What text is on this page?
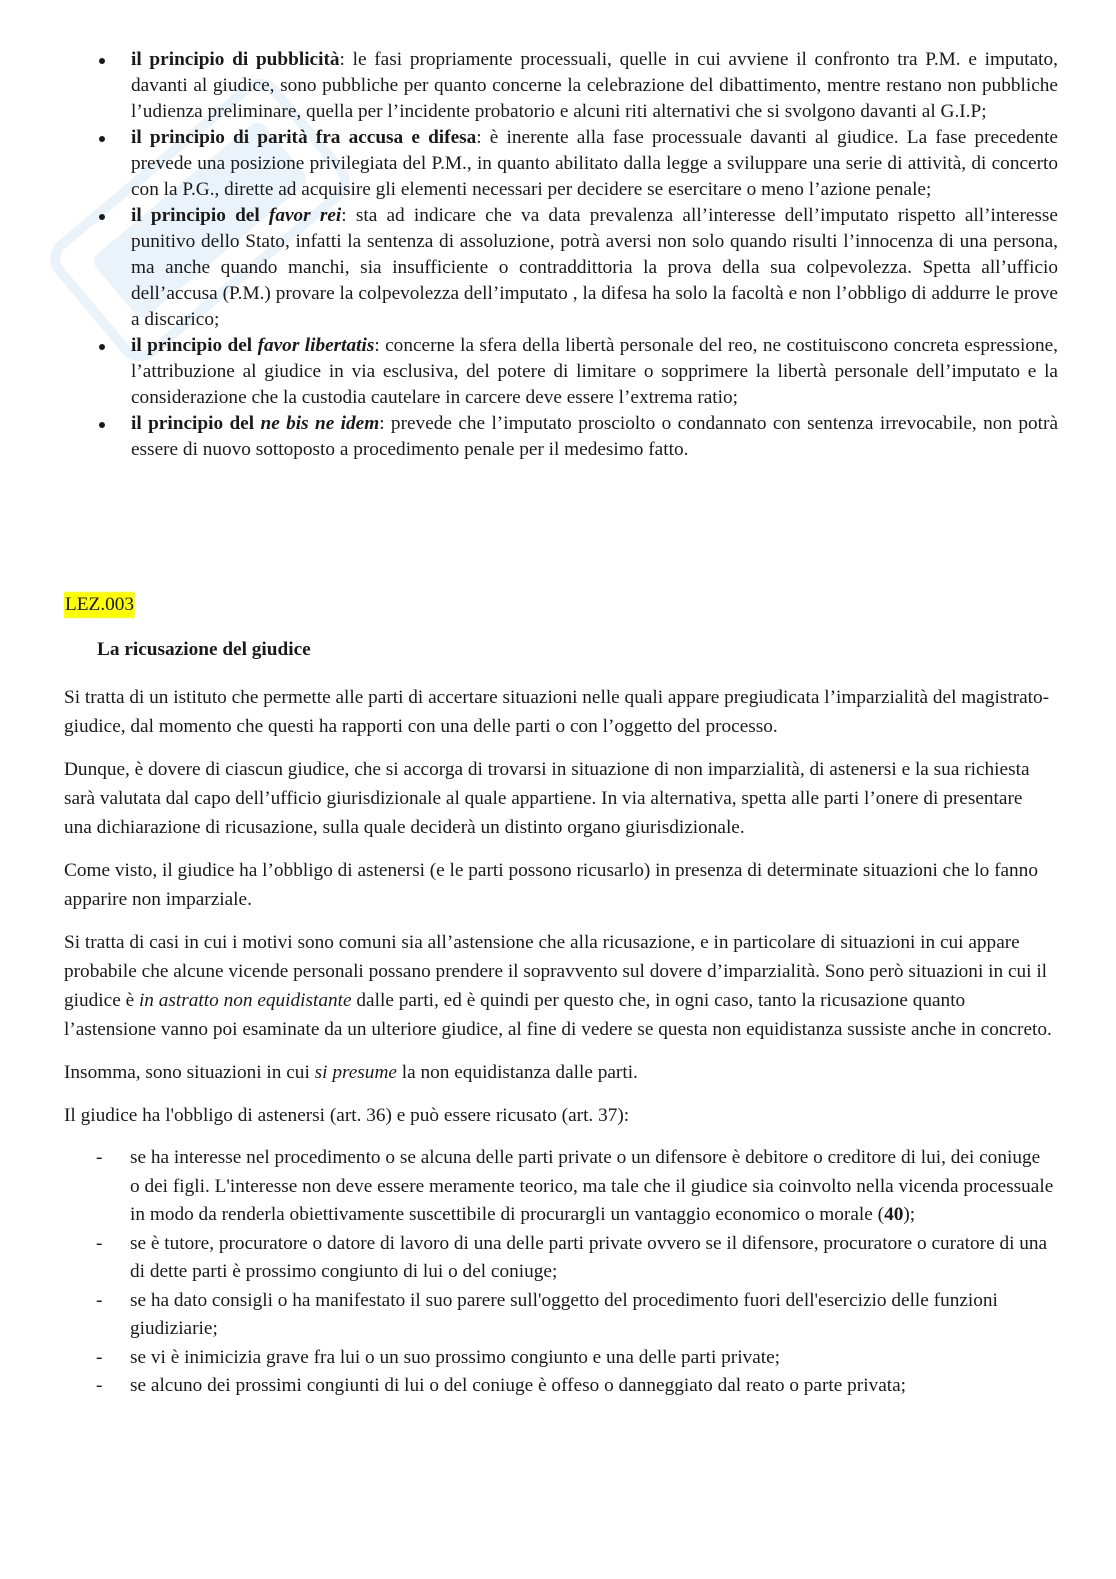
il principio di pubblicità: le fasi propriamente processuali, quelle in cui avviene il confronto tra P.M. e imputato, davanti al giudice, sono pubbliche per quanto concerne la celebrazione del dibattimento, mentre restano non pubbliche l’udienza preliminare, quella per l’incidente probatorio e alcuni riti alternativi che si svolgono davanti al G.I.P;
il principio di parità fra accusa e difesa: è inerente alla fase processuale davanti al giudice. La fase precedente prevede una posizione privilegiata del P.M., in quanto abilitato dalla legge a sviluppare una serie di attività, di concerto con la P.G., dirette ad acquisire gli elementi necessari per decidere se esercitare o meno l’azione penale;
il principio del favor rei: sta ad indicare che va data prevalenza all’interesse dell’imputato rispetto all’interesse punitivo dello Stato, infatti la sentenza di assoluzione, potrà aversi non solo quando risulti l’innocenza di una persona, ma anche quando manchi, sia insufficiente o contraddittoria la prova della sua colpevolezza. Spetta all’ufficio dell’accusa (P.M.) provare la colpevolezza dell’imputato , la difesa ha solo la facoltà e non l’obbligo di addurre le prove a discarico;
il principio del favor libertatis: concerne la sfera della libertà personale del reo, ne costituiscono concreta espressione, l’attribuzione al giudice in via esclusiva, del potere di limitare o sopprimere la libertà personale dell’imputato e la considerazione che la custodia cautelare in carcere deve essere l’extrema ratio;
il principio del ne bis ne idem: prevede che l’imputato prosciolto o condannato con sentenza irrevocabile, non potrà essere di nuovo sottoposto a procedimento penale per il medesimo fatto.
LEZ.003
La ricusazione del giudice

Si tratta di un istituto che permette alle parti di accertare situazioni nelle quali appare pregiudicata l’imparzialità del magistrato-giudice, dal momento che questi ha rapporti con una delle parti o con l’oggetto del processo.

Dunque, è dovere di ciascun giudice, che si accorga di trovarsi in situazione di non imparzialità, di astenersi e la sua richiesta sarà valutata dal capo dell’ufficio giurisdizionale al quale appartiene. In via alternativa, spetta alle parti l’onere di presentare una dichiarazione di ricusazione, sulla quale deciderà un distinto organo giurisdizionale.

Come visto, il giudice ha l’obbligo di astenersi (e le parti possono ricusarlo) in presenza di determinate situazioni che lo fanno apparire non imparziale.

Si tratta di casi in cui i motivi sono comuni sia all’astensione che alla ricusazione, e in particolare di situazioni in cui appare probabile che alcune vicende personali possano prendere il sopravvento sul dovere d’imparzialità. Sono però situazioni in cui il giudice è in astratto non equidistante dalle parti, ed è quindi per questo che, in ogni caso, tanto la ricusazione quanto l’astensione vanno poi esaminate da un ulteriore giudice, al fine di vedere se questa non equidistanza sussiste anche in concreto.

Insomma, sono situazioni in cui si presume la non equidistanza dalle parti.

Il giudice ha l'obbligo di astenersi (art. 36) e può essere ricusato (art. 37):

- se ha interesse nel procedimento o se alcuna delle parti private o un difensore è debitore o creditore di lui, dei coniuge o dei figli. L'interesse non deve essere meramente teorico, ma tale che il giudice sia coinvolto nella vicenda processuale in modo da renderla obiettivamente suscettibile di procurargli un vantaggio economico o morale (40);
- se è tutore, procuratore o datore di lavoro di una delle parti private ovvero se il difensore, procuratore o curatore di una di dette parti è prossimo congiunto di lui o del coniuge;
- se ha dato consigli o ha manifestato il suo parere sull'oggetto del procedimento fuori dell'esercizio delle funzioni giudiziarie;
- se vi è inimicizia grave fra lui o un suo prossimo congiunto e una delle parti private;
- se alcuno dei prossimi congiunti di lui o del coniuge è offeso o danneggiato dal reato o parte privata;
